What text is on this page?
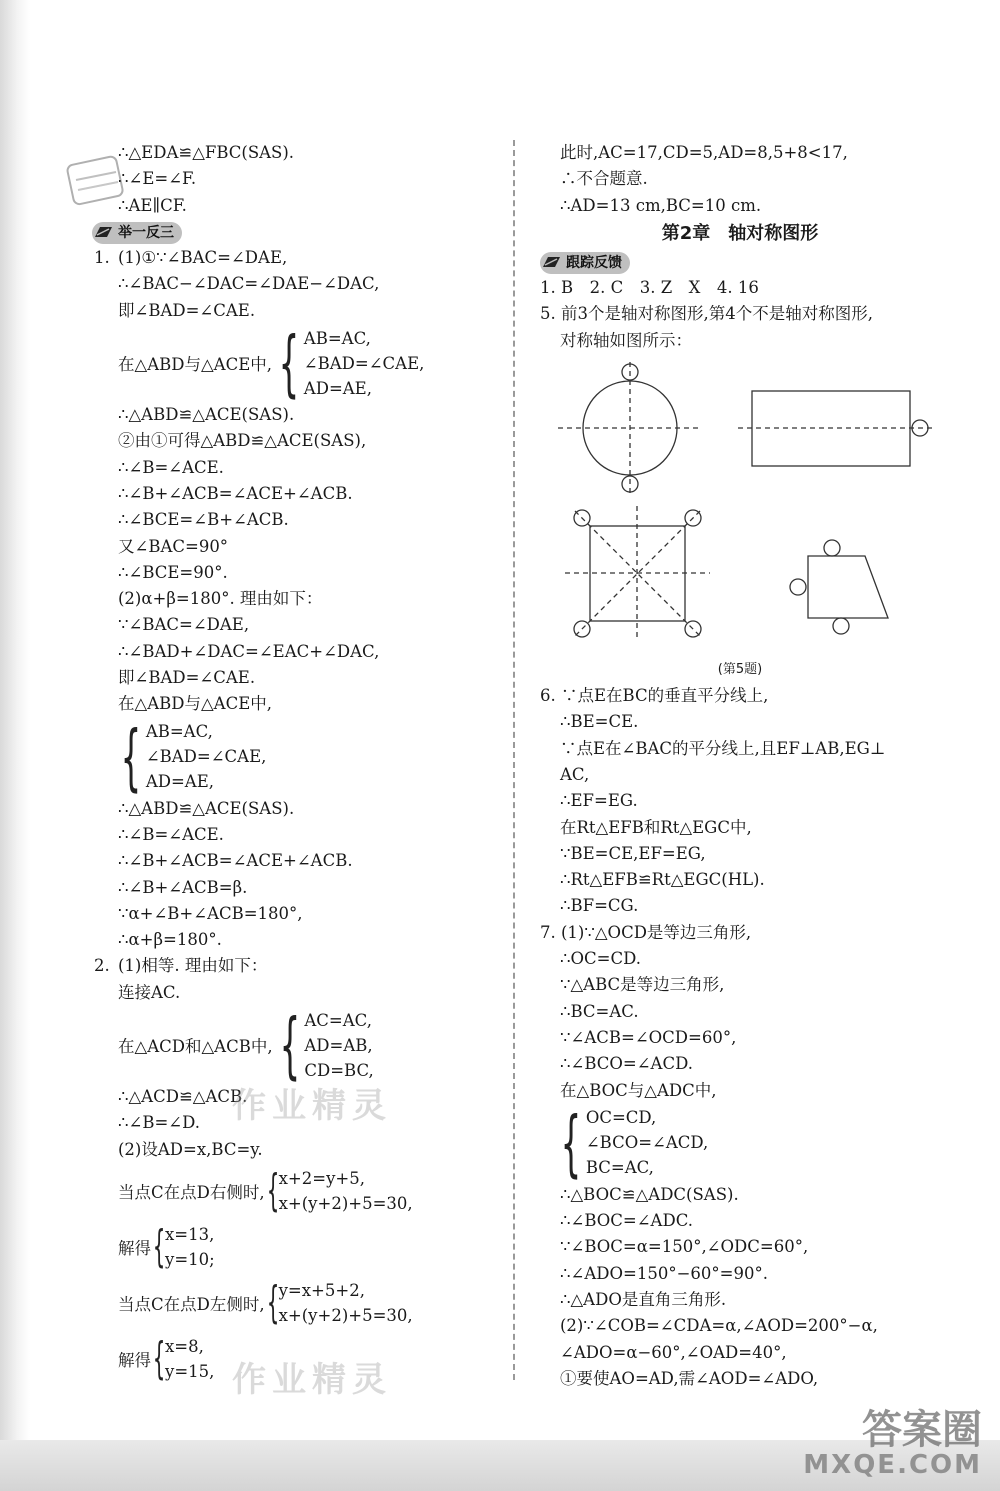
∴△EDA≌△FBC(SAS).
∴∠E=∠F.
∴AE∥CF.
举一反三
1. (1)①∵∠BAC=∠DAE,
∴∠BAC−∠DAC=∠DAE−∠DAC,
即∠BAD=∠CAE.
在△ABD与△ACE中, { AB=AC,
∠BAD=∠CAE,
AD=AE,
∴△ABD≌△ACE(SAS).
②由①可得△ABD≌△ACE(SAS),
∴∠B=∠ACE.
∴∠B+∠ACB=∠ACE+∠ACB.
∴∠BCE=∠B+∠ACB.
又∠BAC=90°
∴∠BCE=90°.
(2)α+β=180°. 理由如下：
∵∠BAC=∠DAE,
∴∠BAD+∠DAC=∠EAC+∠DAC,
即∠BAD=∠CAE.
在△ABD与△ACE中,
{ AB=AC,
∠BAD=∠CAE,
AD=AE,
∴△ABD≌△ACE(SAS).
∴∠B=∠ACE.
∴∠B+∠ACB=∠ACE+∠ACB.
∴∠B+∠ACB=β.
∵α+∠B+∠ACB=180°,
∴α+β=180°.
2. (1)相等. 理由如下：
连接AC.
在△ACD和△ACB中, { AC=AC,
AD=AB,
CD=BC,
∴△ACD≌△ACB.
∴∠B=∠D.
(2)设AD=x,BC=y.
当点C在点D右侧时, { x+2=y+5,
x+(y+2)+5=30,
解得 { x=13,
y=10;
当点C在点D左侧时, { y=x+5+2,
x+(y+2)+5=30,
解得 { x=8,
y=15,
作业精灵
作业精灵
此时,AC=17,CD=5,AD=8,5+8<17,
∴不合题意.
∴AD=13 cm,BC=10 cm.
第2章　轴对称图形
跟踪反馈
1. B　2. C　3. Z　X　4. 16
5. 前3个是轴对称图形,第4个不是轴对称图形,
对称轴如图所示：
(第5题)
6. ∵点E在BC的垂直平分线上,
∴BE=CE.
∵点E在∠BAC的平分线上,且EF⊥AB,EG⊥
AC,
∴EF=EG.
在Rt△EFB和Rt△EGC中,
∵BE=CE,EF=EG,
∴Rt△EFB≌Rt△EGC(HL).
∴BF=CG.
7. (1)∵△OCD是等边三角形,
∴OC=CD.
∵△ABC是等边三角形,
∴BC=AC.
∵∠ACB=∠OCD=60°,
∴∠BCO=∠ACD.
在△BOC与△ADC中,
{ OC=CD,
∠BCO=∠ACD,
BC=AC,
∴△BOC≌△ADC(SAS).
∴∠BOC=∠ADC.
∵∠BOC=α=150°,∠ODC=60°,
∴∠ADO=150°−60°=90°.
∴△ADO是直角三角形.
(2)∵∠COB=∠CDA=α,∠AOD=200°−α,
∠ADO=α−60°,∠OAD=40°,
①要使AO=AD,需∠AOD=∠ADO,
答案圈
MXQE.COM
